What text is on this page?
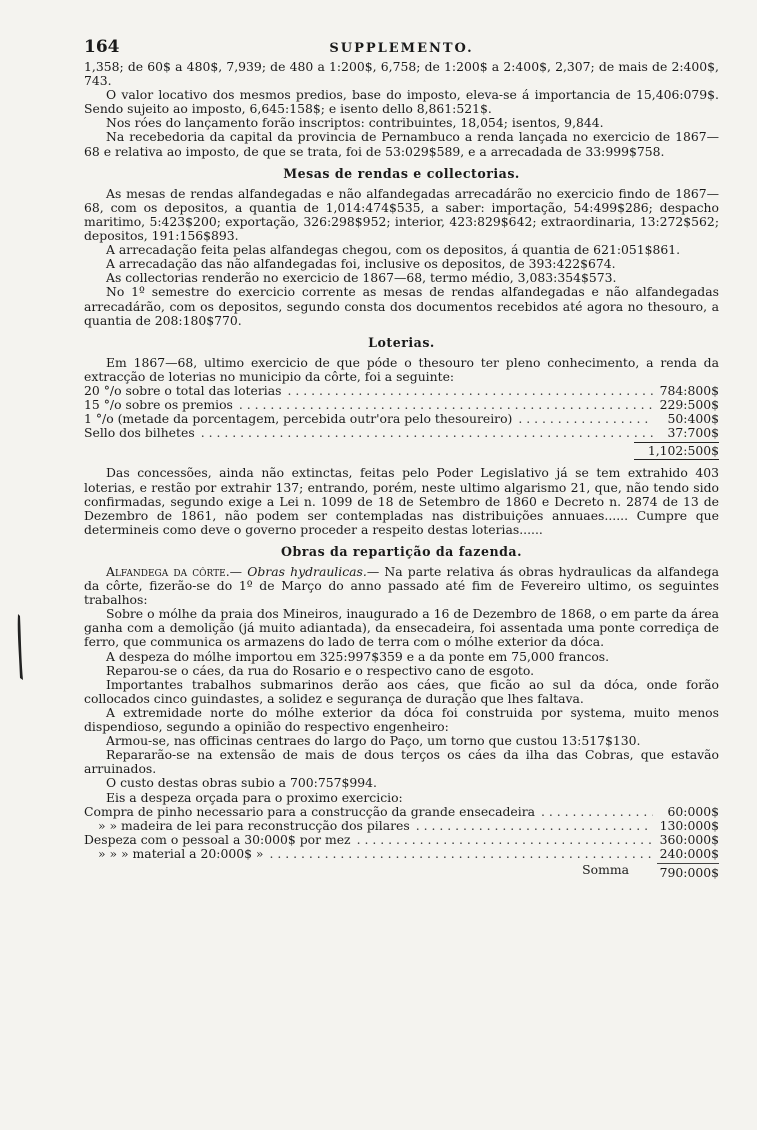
164	SUPPLEMENTO.

1,358; de 60$ a 480$, 7,939; de 480 a 1:200$, 6,758; de 1:200$ a 2:400$, 2,307; de mais de 2:400$, 743.

O valor locativo dos mesmos predios, base do imposto, eleva-se á importancia de 15,406:079$. Sendo sujeito ao imposto, 6,645:158$; e isento dello 8,861:521$.

Nos róes do lançamento forão inscriptos: contribuintes, 18,054; isentos, 9,844.

Na recebedoria da capital da provincia de Pernambuco a renda lançada no exercicio de 1867—68 e relativa ao imposto, de que se trata, foi de 53:029$589, e a arrecadada de 33:999$758.

Mesas de rendas e collectorias.

As mesas de rendas alfandegadas e não alfandegadas arrecadárão no exercicio findo de 1867—68, com os depositos, a quantia de 1,014:474$535, a saber: importação, 54:499$286; despacho maritimo, 5:423$200; exportação, 326:298$952; interior, 423:829$642; extraordinaria, 13:272$562; depositos, 191:156$893.

A arrecadação feita pelas alfandegas chegou, com os depositos, á quantia de 621:051$861.

A arrecadação das não alfandegadas foi, inclusive os depositos, de 393:422$674.

As collectorias renderão no exercicio de 1867—68, termo médio, 3,083:354$573.

No 1º semestre do exercicio corrente as mesas de rendas alfandegadas e não alfandegadas arrecadárão, com os depositos, segundo consta dos documentos recebidos até agora no thesouro, a quantia de 208:180$770.

Loterias.

Em 1867—68, ultimo exercicio de que póde o thesouro ter pleno conhecimento, a renda da extracção de loterias no municipio da côrte, foi a seguinte:

20 °/o sobre o total das loterias . . .	784:800$
15 °/o sobre os premios . . .	229:500$
1 °/o (metade da porcentagem, percebida outr'ora pelo thesoureiro) . . .	50:400$
Sello dos bilhetes . . .	37:700$
1,102:500$

Das concessões, ainda não extinctas, feitas pelo Poder Legislativo já se tem extrahido 403 loterias, e restão por extrahir 137; entrando, porém, neste ultimo algarismo 21, que, não tendo sido confirmadas, segundo exige a Lei n. 1099 de 18 de Setembro de 1860 e Decreto n. 2874 de 13 de Dezembro de 1861, não podem ser contempladas nas distribuições annuaes...... Cumpre que determineis como deve o governo proceder a respeito destas loterias......

Obras da repartição da fazenda.

Alfandega da côrte.— Obras hydraulicas.— Na parte relativa ás obras hydraulicas da alfandega da côrte, fizerão-se do 1º de Março do anno passado até fim de Fevereiro ultimo, os seguintes trabalhos:

Sobre o mólhe da praia dos Mineiros, inaugurado a 16 de Dezembro de 1868, o em parte da área ganha com a demolição (já muito adiantada), da ensecadeira, foi assentada uma ponte corrediça de ferro, que communica os armazens do lado de terra com o mólhe exterior da dóca.

A despeza do mólhe importou em 325:997$359 e a da ponte em 75,000 francos.

Reparou-se o cáes, da rua do Rosario e o respectivo cano de esgoto.

Importantes trabalhos submarinos derão aos cáes, que ficão ao sul da dóca, onde forão collocados cinco guindastes, a solidez e segurança de duração que lhes faltava.

A extremidade norte do mólhe exterior da dóca foi construida por systema, muito menos dispendioso, segundo a opinião do respectivo engenheiro:

Armou-se, nas officinas centraes do largo do Paço, um torno que custou 13:517$130.

Repararão-se na extensão de mais de dous terços os cáes da ilha das Cobras, que estavão arruinados.

O custo destas obras subio a 700:757$994.

Eis a despeza orçada para o proximo exercicio:

Compra de pinho necessario para a construcção da grande ensecadeira . . .	60:000$
» » madeira de lei para reconstrucção dos pilares . . .	130:000$
Despeza com o pessoal a 30:000$ por mez . . .	360:000$
» » » material a 20:000$ » . . .	240:000$
Somma 790:000$
